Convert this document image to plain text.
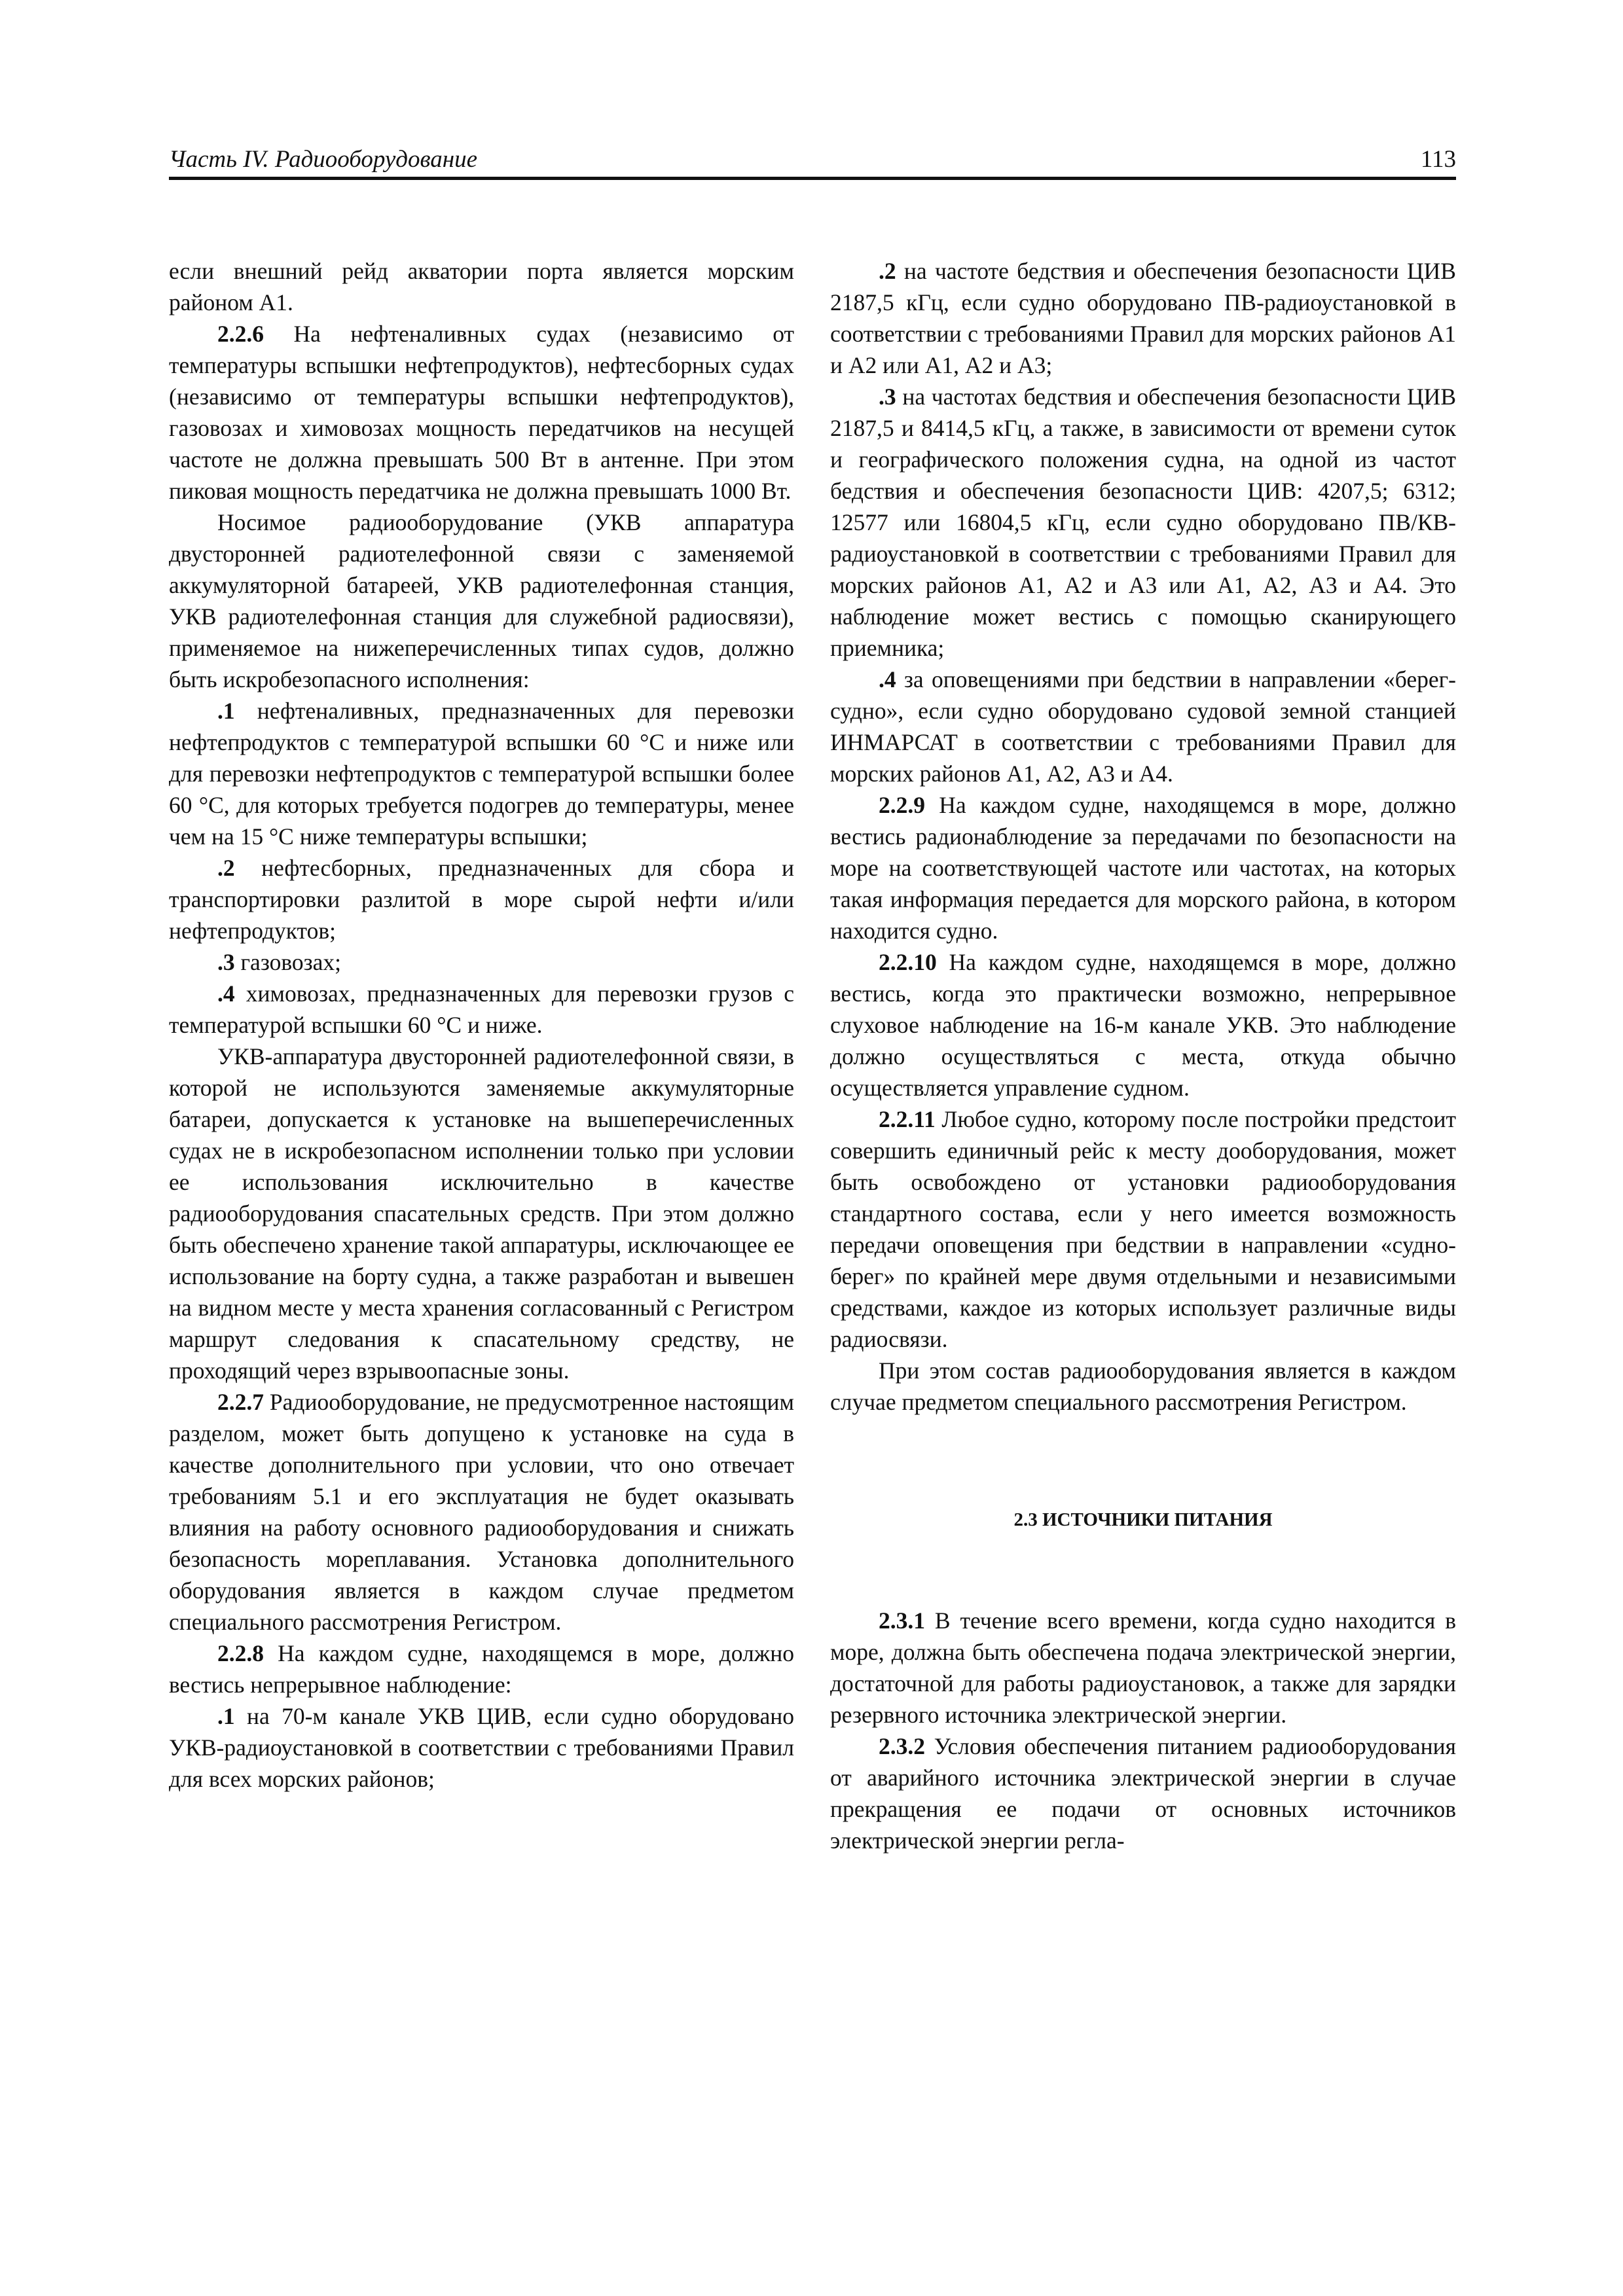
Часть IV. Радиооборудование	113

если внешний рейд акватории порта является морским районом А1.

2.2.6 На нефтеналивных судах (независимо от температуры вспышки нефтепродуктов), нефтесборных судах (независимо от температуры вспышки нефтепродуктов), газовозах и химовозах мощность передатчиков на несущей частоте не должна превышать 500 Вт в антенне. При этом пиковая мощность передатчика не должна превышать 1000 Вт.

Носимое радиооборудование (УКВ аппаратура двусторонней радиотелефонной связи с заменяемой аккумуляторной батареей, УКВ радиотелефонная станция, УКВ радиотелефонная станция для служебной радиосвязи), применяемое на нижеперечисленных типах судов, должно быть искробезопасного исполнения:

.1 нефтеналивных, предназначенных для перевозки нефтепродуктов с температурой вспышки 60 °С и ниже или для перевозки нефтепродуктов с температурой вспышки более 60 °С, для которых требуется подогрев до температуры, менее чем на 15 °С ниже температуры вспышки;

.2 нефтесборных, предназначенных для сбора и транспортировки разлитой в море сырой нефти и/или нефтепродуктов;

.3 газовозах;

.4 химовозах, предназначенных для перевозки грузов с температурой вспышки 60 °С и ниже.

УКВ-аппаратура двусторонней радиотелефонной связи, в которой не используются заменяемые аккумуляторные батареи, допускается к установке на вышеперечисленных судах не в искробезопасном исполнении только при условии ее использования исключительно в качестве радиооборудования спасательных средств. При этом должно быть обеспечено хранение такой аппаратуры, исключающее ее использование на борту судна, а также разработан и вывешен на видном месте у места хранения согласованный с Регистром маршрут следования к спасательному средству, не проходящий через взрывоопасные зоны.

2.2.7 Радиооборудование, не предусмотренное настоящим разделом, может быть допущено к установке на суда в качестве дополнительного при условии, что оно отвечает требованиям 5.1 и его эксплуатация не будет оказывать влияния на работу основного радиооборудования и снижать безопасность мореплавания. Установка дополнительного оборудования является в каждом случае предметом специального рассмотрения Регистром.

2.2.8 На каждом судне, находящемся в море, должно вестись непрерывное наблюдение:

.1 на 70-м канале УКВ ЦИВ, если судно оборудовано УКВ-радиоустановкой в соответствии с требованиями Правил для всех морских районов;

.2 на частоте бедствия и обеспечения безопасности ЦИВ 2187,5 кГц, если судно оборудовано ПВ-радиоустановкой в соответствии с требованиями Правил для морских районов А1 и А2 или А1, А2 и А3;

.3 на частотах бедствия и обеспечения безопасности ЦИВ 2187,5 и 8414,5 кГц, а также, в зависимости от времени суток и географического положения судна, на одной из частот бедствия и обеспечения безопасности ЦИВ: 4207,5; 6312; 12577 или 16804,5 кГц, если судно оборудовано ПВ/КВ-радиоустановкой в соответствии с требованиями Правил для морских районов А1, А2 и А3 или А1, А2, А3 и А4. Это наблюдение может вестись с помощью сканирующего приемника;

.4 за оповещениями при бедствии в направлении «берег-судно», если судно оборудовано судовой земной станцией ИНМАРСАТ в соответствии с требованиями Правил для морских районов А1, А2, А3 и А4.

2.2.9 На каждом судне, находящемся в море, должно вестись радионаблюдение за передачами по безопасности на море на соответствующей частоте или частотах, на которых такая информация передается для морского района, в котором находится судно.

2.2.10 На каждом судне, находящемся в море, должно вестись, когда это практически возможно, непрерывное слуховое наблюдение на 16-м канале УКВ. Это наблюдение должно осуществляться с места, откуда обычно осуществляется управление судном.

2.2.11 Любое судно, которому после постройки предстоит совершить единичный рейс к месту дооборудования, может быть освобождено от установки радиооборудования стандартного состава, если у него имеется возможность передачи оповещения при бедствии в направлении «судно-берег» по крайней мере двумя отдельными и независимыми средствами, каждое из которых использует различные виды радиосвязи.

При этом состав радиооборудования является в каждом случае предметом специального рассмотрения Регистром.

2.3 ИСТОЧНИКИ ПИТАНИЯ

2.3.1 В течение всего времени, когда судно находится в море, должна быть обеспечена подача электрической энергии, достаточной для работы радиоустановок, а также для зарядки резервного источника электрической энергии.

2.3.2 Условия обеспечения питанием радиооборудования от аварийного источника электрической энергии в случае прекращения ее подачи от основных источников электрической энергии регла-
